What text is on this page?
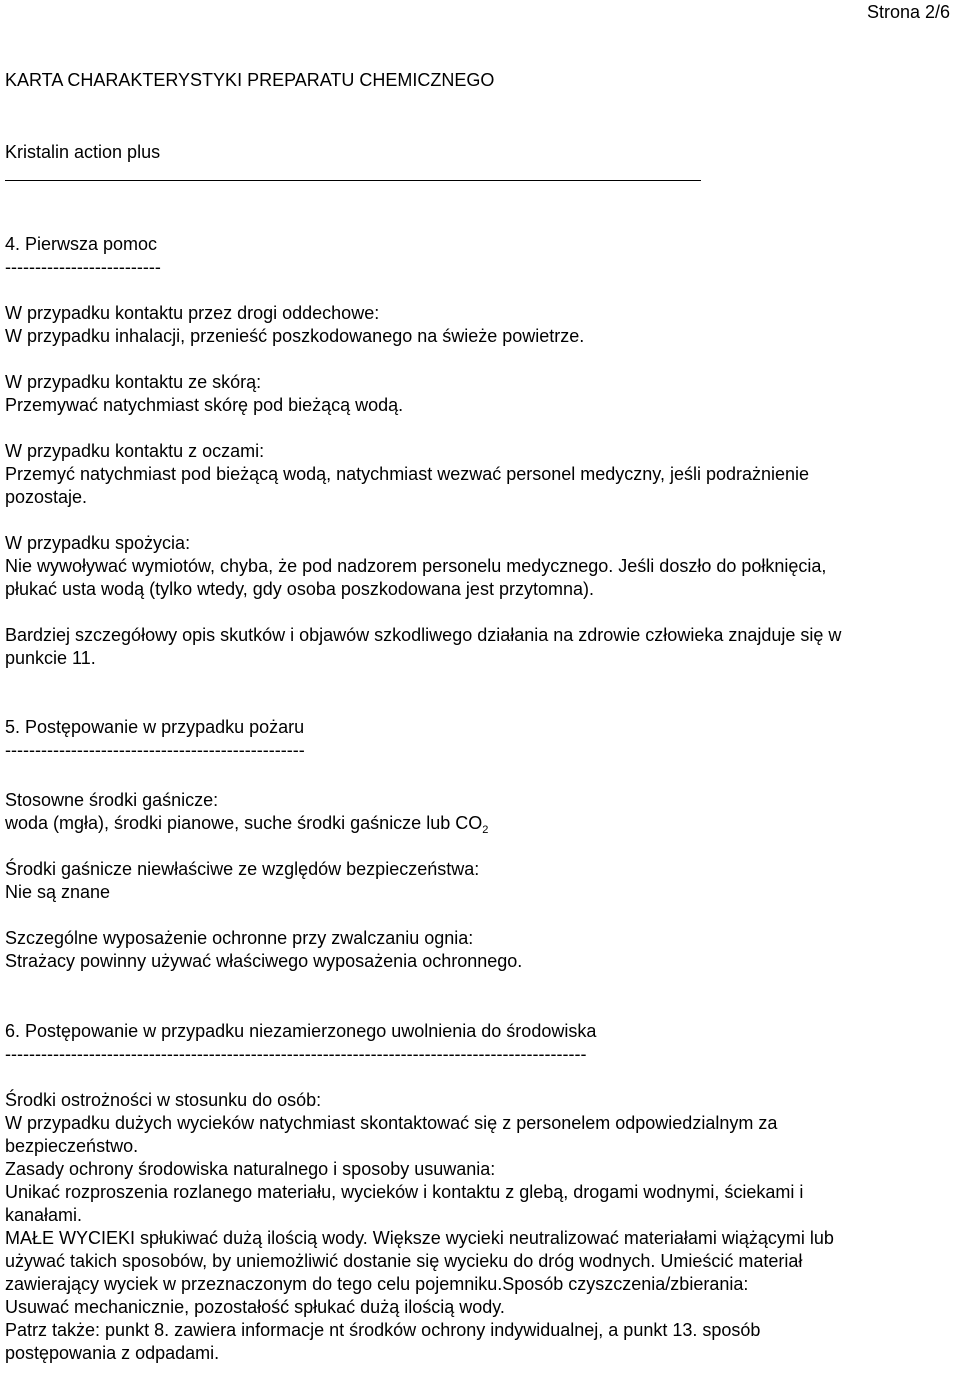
Strona 2/6
KARTA CHARAKTERYSTYKI PREPARATU CHEMICZNEGO
Kristalin action plus
4. Pierwsza pomoc
--------------------------
W przypadku kontaktu przez drogi oddechowe:
W przypadku inhalacji, przenieść poszkodowanego na świeże powietrze.
W przypadku kontaktu ze skórą:
Przemywać natychmiast skórę pod bieżącą wodą.
W przypadku kontaktu z oczami:
Przemyć natychmiast pod bieżącą wodą, natychmiast wezwać personel medyczny, jeśli podrażnienie
pozostaje.
W przypadku spożycia:
Nie wywoływać wymiotów, chyba, że pod nadzorem personelu medycznego. Jeśli doszło do połknięcia,
płukać usta wodą (tylko wtedy, gdy osoba poszkodowana jest przytomna).
Bardziej szczegółowy opis skutków i objawów szkodliwego działania na zdrowie człowieka znajduje się w
punkcie 11.
5. Postępowanie w przypadku pożaru
--------------------------------------------------
Stosowne środki gaśnicze:
woda (mgła), środki pianowe, suche środki gaśnicze lub $CO_2$
Środki gaśnicze niewłaściwe ze względów bezpieczeństwa:
Nie są znane
Szczególne wyposażenie ochronne przy zwalczaniu ognia:
Strażacy powinny używać właściwego wyposażenia ochronnego.
6. Postępowanie w przypadku niezamierzonego uwolnienia do środowiska
-------------------------------------------------------------------------------------------------
Środki ostrożności w stosunku do osób:
W przypadku dużych wycieków natychmiast skontaktować się z personelem odpowiedzialnym za
bezpieczeństwo.
Zasady ochrony środowiska naturalnego i sposoby usuwania:
Unikać rozproszenia rozlanego materiału, wycieków i kontaktu z glebą, drogami wodnymi, ściekami i
kanałami.
MAŁE WYCIEKI spłukiwać dużą ilością wody. Większe wycieki neutralizować materiałami wiążącymi lub
używać takich sposobów, by uniemożliwić dostanie się wycieku do dróg wodnych. Umieścić materiał
zawierający wyciek w przeznaczonym do tego celu pojemniku.Sposób czyszczenia/zbierania:
Usuwać mechanicznie, pozostałość spłukać dużą ilością wody.
Patrz także: punkt 8. zawiera informacje nt środków ochrony indywidualnej, a punkt 13. sposób
postępowania z odpadami.
